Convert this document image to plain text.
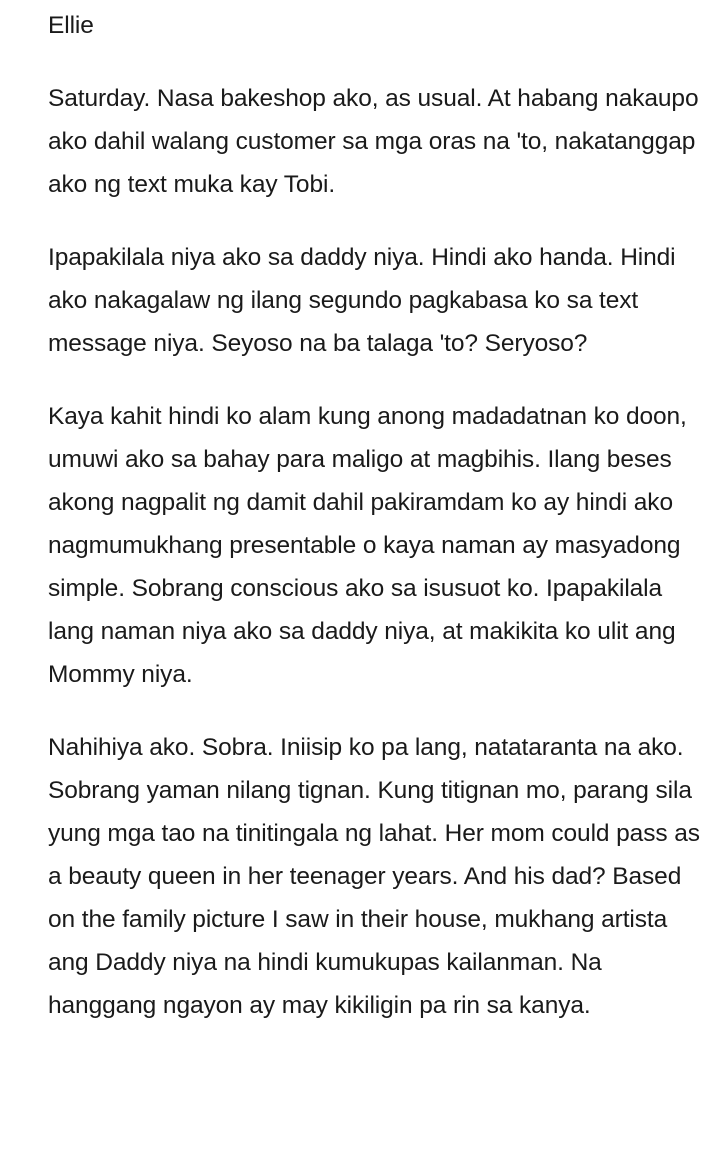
Ellie

Saturday. Nasa bakeshop ako, as usual. At habang nakaupo ako dahil walang customer sa mga oras na 'to, nakatanggap ako ng text muka kay Tobi.

Ipapakilala niya ako sa daddy niya. Hindi ako handa. Hindi ako nakagalaw ng ilang segundo pagkabasa ko sa text message niya. Seyoso na ba talaga 'to? Seryoso?

Kaya kahit hindi ko alam kung anong madadatnan ko doon, umuwi ako sa bahay para maligo at magbihis. Ilang beses akong nagpalit ng damit dahil pakiramdam ko ay hindi ako nagmumukhang presentable o kaya naman ay masyadong simple. Sobrang conscious ako sa isusuot ko. Ipapakilala lang naman niya ako sa daddy niya, at makikita ko ulit ang Mommy niya.

Nahihiya ako. Sobra. Iniisip ko pa lang, natataranta na ako. Sobrang yaman nilang tignan. Kung titignan mo, parang sila yung mga tao na tinitingala ng lahat. Her mom could pass as a beauty queen in her teenager years. And his dad? Based on the family picture I saw in their house, mukhang artista ang Daddy niya na hindi kumukupas kailanman. Na hanggang ngayon ay may kikiligin pa rin sa kanya.
